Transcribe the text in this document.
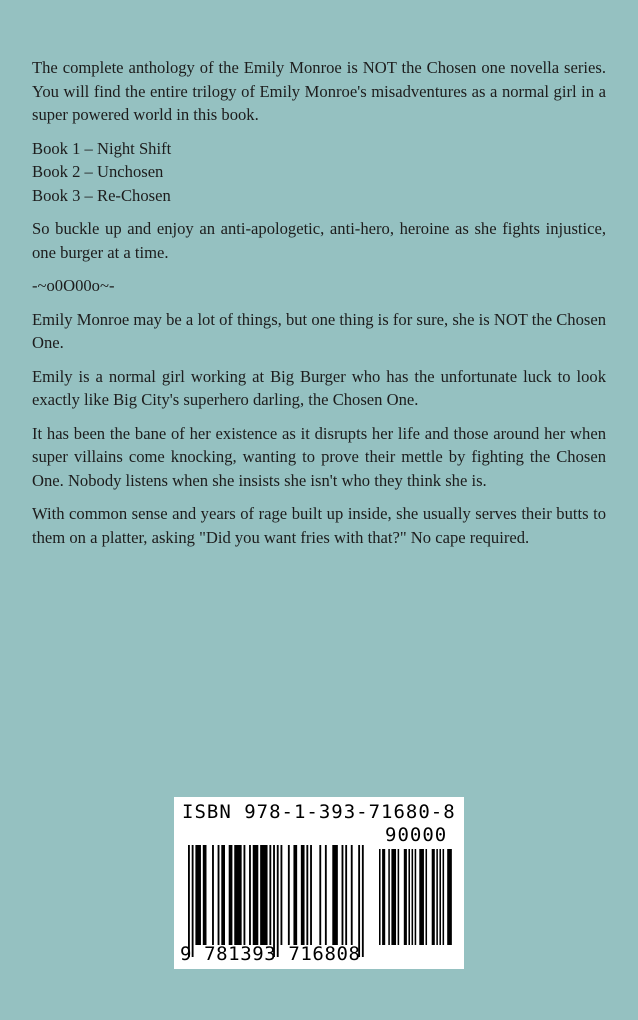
The complete anthology of the Emily Monroe is NOT the Chosen one novella series. You will find the entire trilogy of Emily Monroe's misadventures as a normal girl in a super powered world in this book.

Book 1 – Night Shift
Book 2 – Unchosen
Book 3 – Re-Chosen

So buckle up and enjoy an anti-apologetic, anti-hero, heroine as she fights injustice, one burger at a time.

-~o0O00o~-

Emily Monroe may be a lot of things, but one thing is for sure, she is NOT the Chosen One.

Emily is a normal girl working at Big Burger who has the unfortunate luck to look exactly like Big City's superhero darling, the Chosen One.

It has been the bane of her existence as it disrupts her life and those around her when super villains come knocking, wanting to prove their mettle by fighting the Chosen One. Nobody listens when she insists she isn't who they think she is.

With common sense and years of rage built up inside, she usually serves their butts to them on a platter, asking "Did you want fries with that?" No cape required.

ISBN 978-1-393-71680-8
90000
9 781393 716808
